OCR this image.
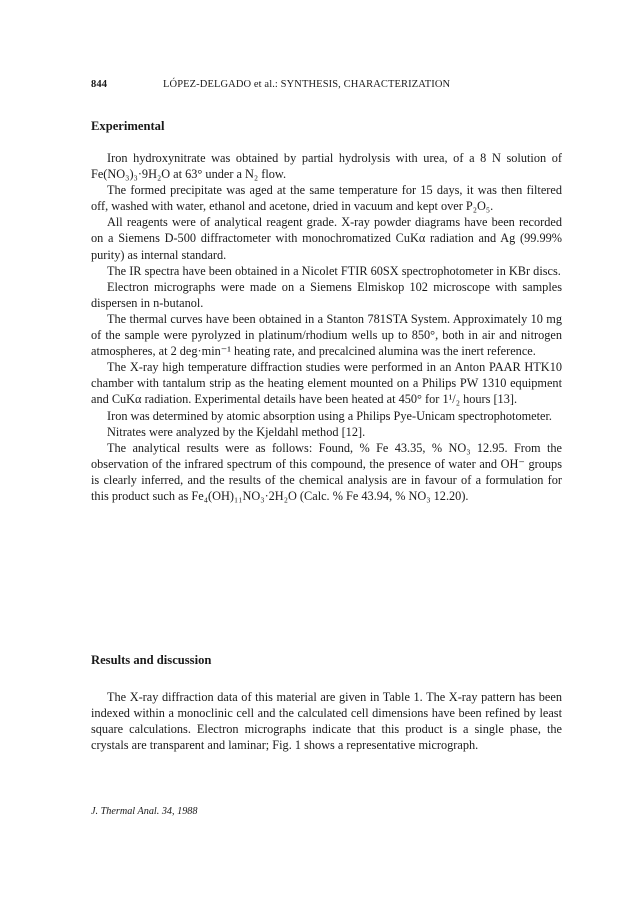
844	LÓPEZ-DELGADO et al.: SYNTHESIS, CHARACTERIZATION
Experimental

Iron hydroxynitrate was obtained by partial hydrolysis with urea, of a 8 N solution of Fe(NO₃)₃·9H₂O at 63° under a N₂ flow.

The formed precipitate was aged at the same temperature for 15 days, it was then filtered off, washed with water, ethanol and acetone, dried in vacuum and kept over P₂O₅.

All reagents were of analytical reagent grade. X-ray powder diagrams have been recorded on a Siemens D-500 diffractometer with monochromatized CuKα radiation and Ag (99.99% purity) as internal standard.

The IR spectra have been obtained in a Nicolet FTIR 60SX spectrophotometer in KBr discs.

Electron micrographs were made on a Siemens Elmiskop 102 microscope with samples dispersen in n-butanol.

The thermal curves have been obtained in a Stanton 781STA System. Approximately 10 mg of the sample were pyrolyzed in platinum/rhodium wells up to 850°, both in air and nitrogen atmospheres, at 2 deg·min⁻¹ heating rate, and precalcined alumina was the inert reference.

The X-ray high temperature diffraction studies were performed in an Anton PAAR HTK10 chamber with tantalum strip as the heating element mounted on a Philips PW 1310 equipment and CuKα radiation. Experimental details have been heated at 450° for 1¹/₂ hours [13].

Iron was determined by atomic absorption using a Philips Pye-Unicam spectrophotometer.

Nitrates were analyzed by the Kjeldahl method [12].

The analytical results were as follows: Found, % Fe 43.35, % NO₃ 12.95. From the observation of the infrared spectrum of this compound, the presence of water and OH⁻ groups is clearly inferred, and the results of the chemical analysis are in favour of a formulation for this product such as Fe₄(OH)₁₁NO₃·2H₂O (Calc. % Fe 43.94, % NO₃ 12.20).

Results and discussion

The X-ray diffraction data of this material are given in Table 1. The X-ray pattern has been indexed within a monoclinic cell and the calculated cell dimensions have been refined by least square calculations. Electron micrographs indicate that this product is a single phase, the crystals are transparent and laminar; Fig. 1 shows a representative micrograph.

J. Thermal Anal. 34, 1988
